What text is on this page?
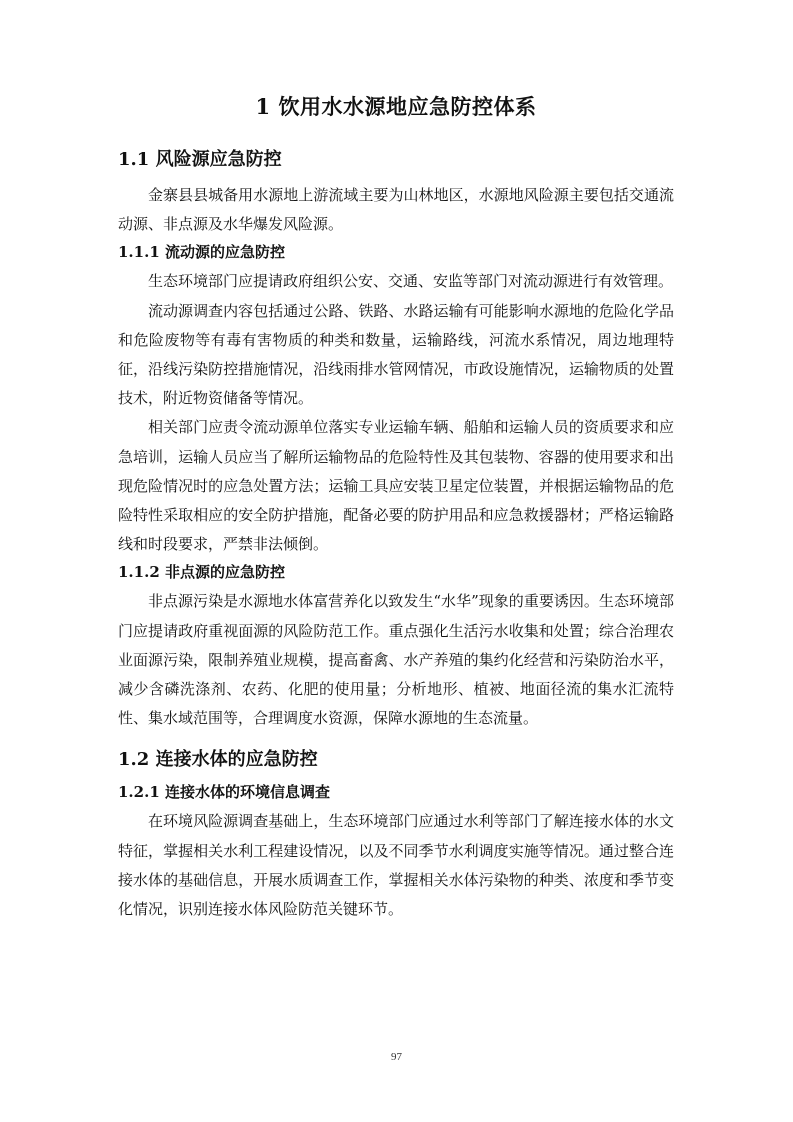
1 饮用水水源地应急防控体系
1.1 风险源应急防控

金寨县县城备用水源地上游流域主要为山林地区，水源地风险源主要包括交通流动源、非点源及水华爆发风险源。

1.1.1 流动源的应急防控

生态环境部门应提请政府组织公安、交通、安监等部门对流动源进行有效管理。

流动源调查内容包括通过公路、铁路、水路运输有可能影响水源地的危险化学品和危险废物等有毒有害物质的种类和数量，运输路线，河流水系情况，周边地理特征，沿线污染防控措施情况，沿线雨排水管网情况，市政设施情况，运输物质的处置技术，附近物资储备等情况。

相关部门应责令流动源单位落实专业运输车辆、船舶和运输人员的资质要求和应急培训，运输人员应当了解所运输物品的危险特性及其包装物、容器的使用要求和出现危险情况时的应急处置方法；运输工具应安装卫星定位装置，并根据运输物品的危险特性采取相应的安全防护措施，配备必要的防护用品和应急救援器材；严格运输路线和时段要求，严禁非法倾倒。

1.1.2 非点源的应急防控

非点源污染是水源地水体富营养化以致发生“水华”现象的重要诱因。生态环境部门应提请政府重视面源的风险防范工作。重点强化生活污水收集和处置；综合治理农业面源污染，限制养殖业规模，提高畜禽、水产养殖的集约化经营和污染防治水平，减少含磷洗涤剂、农药、化肥的使用量；分析地形、植被、地面径流的集水汇流特性、集水域范围等，合理调度水资源，保障水源地的生态流量。

1.2 连接水体的应急防控
1.2.1 连接水体的环境信息调查

在环境风险源调查基础上，生态环境部门应通过水利等部门了解连接水体的水文特征，掌握相关水利工程建设情况，以及不同季节水利调度实施等情况。通过整合连接水体的基础信息，开展水质调查工作，掌握相关水体污染物的种类、浓度和季节变化情况，识别连接水体风险防范关键环节。

97
